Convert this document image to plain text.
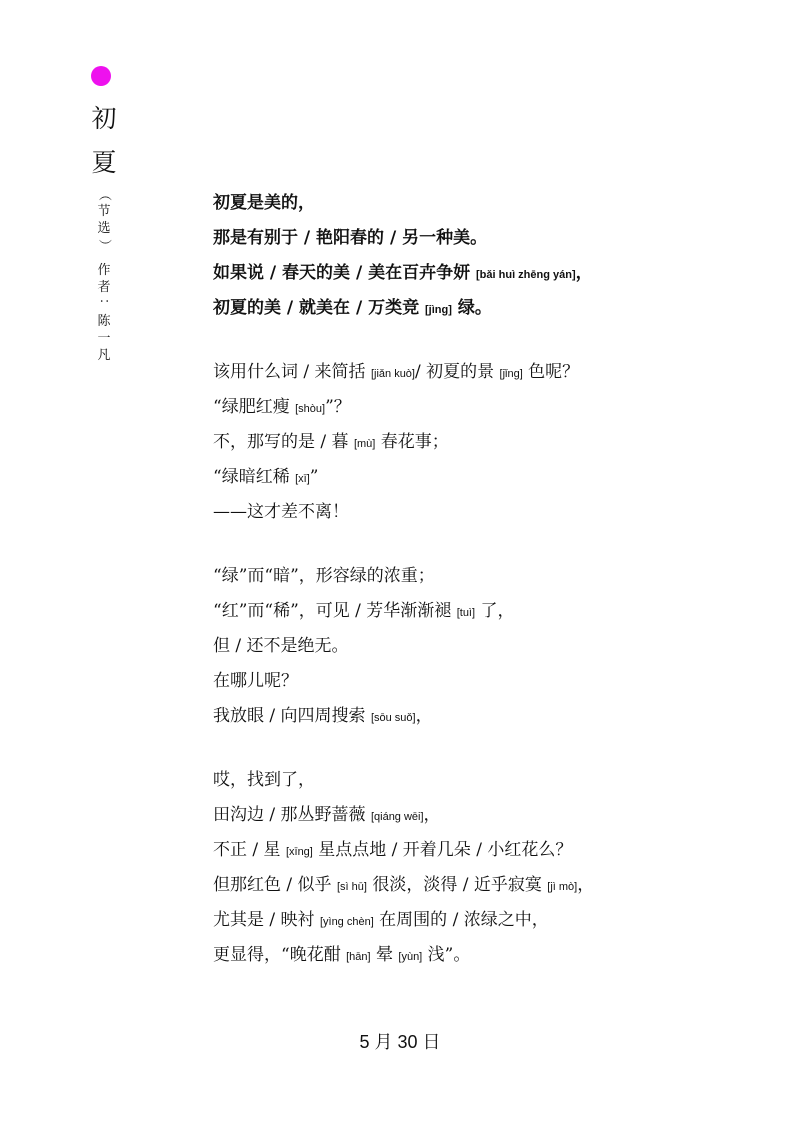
初
夏
（
节
选
）
作
者
：
陈
一
凡
初夏是美的，
那是有别于 / 艳阳春的 / 另一种美。
如果说 / 春天的美 / 美在百卉争妍 [bǎi huì zhēng yán]，
初夏的美 / 就美在 / 万类竞 [jìng] 绿。
该用什么词 / 来简括 [jiǎn kuò]/ 初夏的景 [jǐng] 色呢？
“绿肥红瘦 [shòu]”？
不，那写的是 / 暮 [mù] 春花事；
“绿暗红稀 [xī]”
——这才差不离！
“绿”而“暗”，形容绿的浓重；
“红”而“稀”，可见 / 芳华渐渐褪 [tuì] 了，
但 / 还不是绝无。
在哪儿呢？
我放眼 / 向四周搜索 [sōu suǒ]，
哎，找到了，
田沟边 / 那丛野蔷薇 [qiáng wēi]，
不正 / 星 [xīng] 星点点地 / 开着几朵 / 小红花么？
但那红色 / 似乎 [sì hū] 很淡，淡得 / 近乎寂寞 [jì mò]，
尤其是 / 映衬 [yìng chèn] 在周围的 / 浓绿之中，
更显得，“晚花酣 [hān] 晕 [yùn] 浅”。
5 月 30 日
